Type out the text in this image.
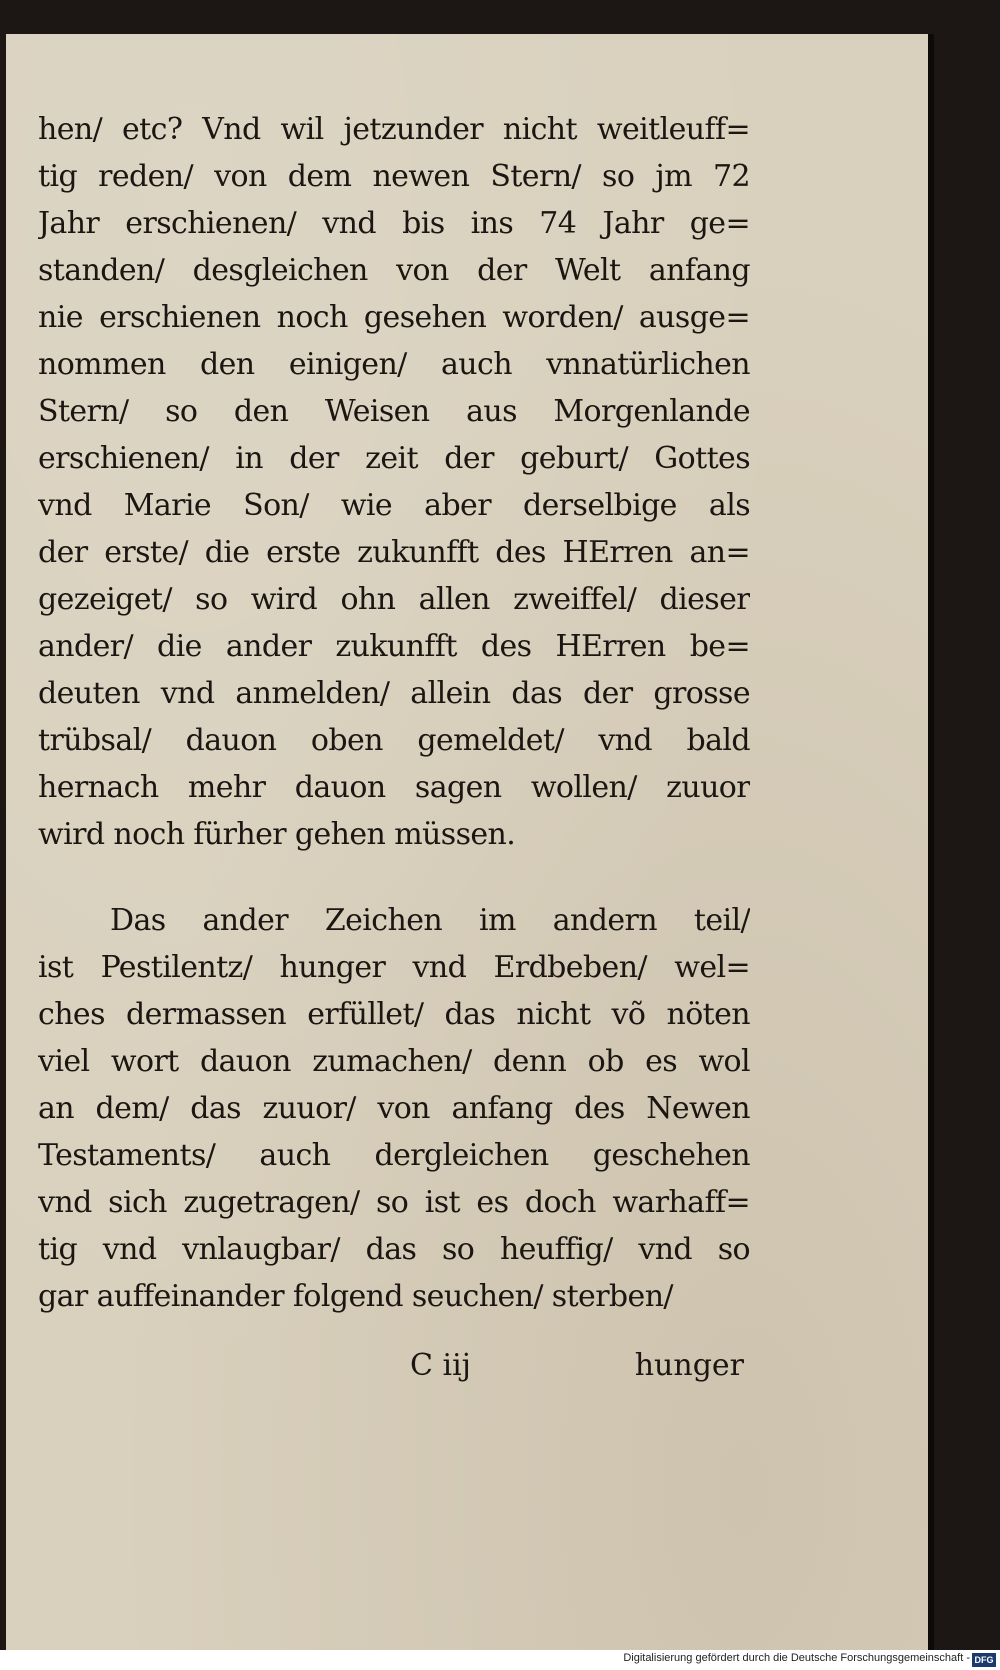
hen/ etc? Vnd wil jetzunder nicht weitleuff=
tig reden/ von dem newen Stern/ so jm 72
Jahr erschienen/ vnd bis ins 74 Jahr ge=
standen/ desgleichen von der Welt anfang
nie erschienen noch gesehen worden/ ausge=
nommen den einigen/ auch vnnatürlichen
Stern/ so den Weisen aus Morgenlande
erschienen/ in der zeit der geburt/ Gottes
vnd Marie Son/ wie aber derselbige als
der erste/ die erste zukunfft des HErren an=
gezeiget/ so wird ohn allen zweiffel/ dieser
ander/ die ander zukunfft des HErren be=
deuten vnd anmelden/ allein das der grosse
trübsal/ dauon oben gemeldet/ vnd bald
hernach mehr dauon sagen wollen/ zuuor
wird noch fürher gehen müssen.
Das ander Zeichen im andern teil/
ist Pestilentz/ hunger vnd Erdbeben/ wel=
ches dermassen erfüllet/ das nicht võ nöten
viel wort dauon zumachen/ denn ob es wol
an dem/ das zuuor/ von anfang des Newen
Testaments/ auch dergleichen geschehen
vnd sich zugetragen/ so ist es doch warhaff=
tig vnd vnlaugbar/ das so heuffig/ vnd so
gar auffeinander folgend seuchen/ sterben/
C iij	hunger
Digitalisierung gefördert durch die Deutsche Forschungsgemeinschaft - DFG
